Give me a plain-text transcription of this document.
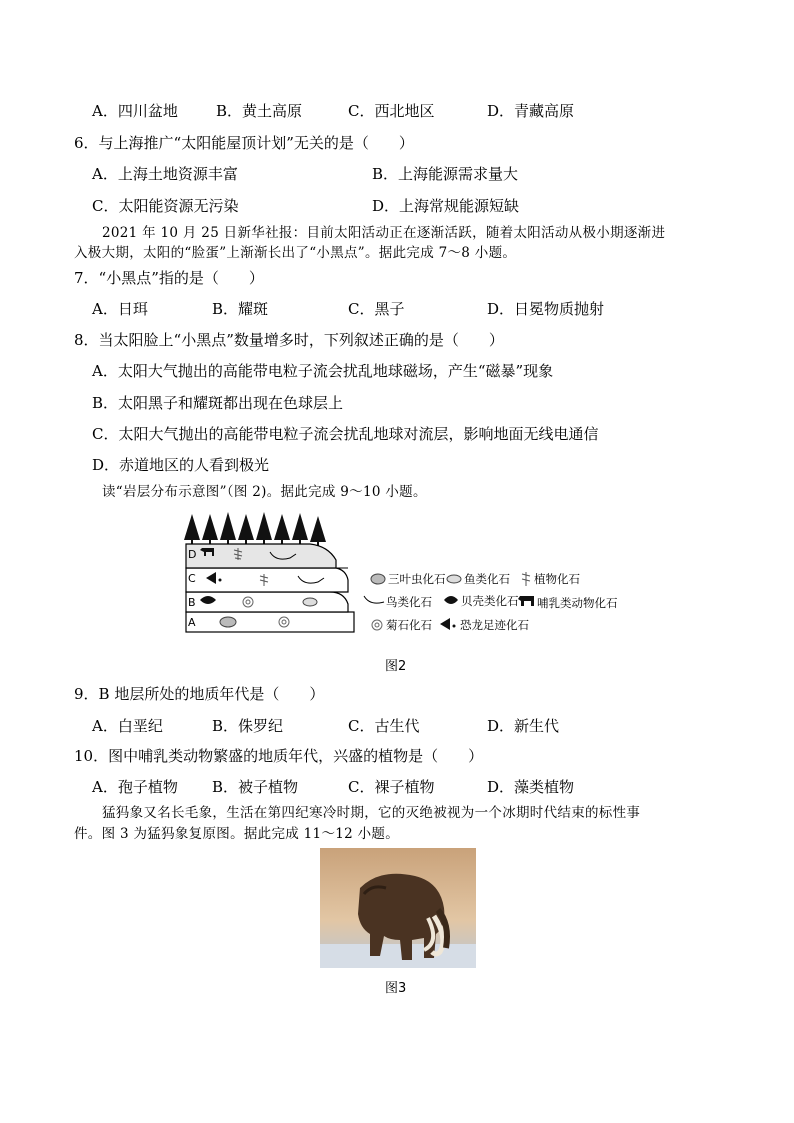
A．四川盆地	B．黄土高原	C．西北地区	D．青藏高原
6．与上海推广“太阳能屋顶计划”无关的是（　　）
A．上海土地资源丰富	B．上海能源需求量大
C．太阳能资源无污染	D．上海常规能源短缺
2021 年 10 月 25 日新华社报：目前太阳活动正在逐渐活跃，随着太阳活动从极小期逐渐进
入极大期，太阳的“脸蛋”上渐渐长出了“小黑点”。据此完成 7～8 小题。
7．“小黑点”指的是（　　）
A．日珥	B．耀斑	C．黑子	D．日冕物质抛射
8．当太阳脸上“小黑点”数量增多时，下列叙述正确的是（　　）
A．太阳大气抛出的高能带电粒子流会扰乱地球磁场，产生“磁暴”现象
B．太阳黑子和耀斑都出现在色球层上
C．太阳大气抛出的高能带电粒子流会扰乱地球对流层，影响地面无线电通信
D．赤道地区的人看到极光
读“岩层分布示意图”（图 2)。据此完成 9～10 小题。
D
C
B
A
三叶虫化石 鱼类化石 植物化石
鸟类化石	贝壳类化石 哺乳类动物化石
菊石化石 恐龙足迹化石
图2
9．B 地层所处的地质年代是（　　）
A．白垩纪	B．侏罗纪	C．古生代	D．新生代
10．图中哺乳类动物繁盛的地质年代，兴盛的植物是（　　）
A．孢子植物 B．被子植物	C．裸子植物	D．藻类植物
猛犸象又名长毛象，生活在第四纪寒冷时期，它的灭绝被视为一个冰期时代结束的标性事
件。图 3 为猛犸象复原图。据此完成 11～12 小题。
图3
